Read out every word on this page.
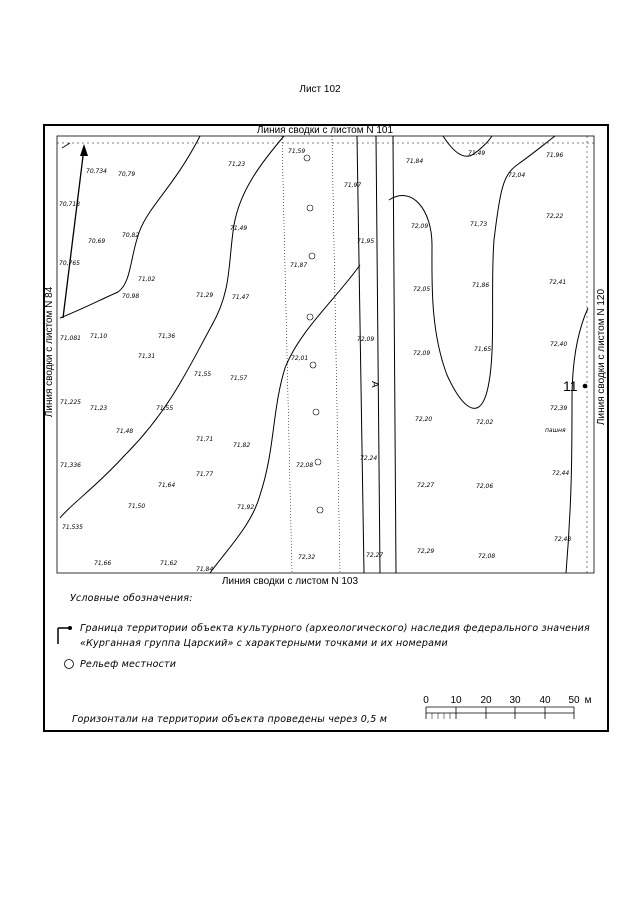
Лист 102
А	11
пашня
Линия сводки с листом N 101
Линия сводки с листом N 103
Линия сводки с листом N 84	Линия сводки с листом N 120
70,734 70,79
70,718
70,82
70,69
70,765
71,02
70,98
71,081 71,10	71,36
71,31
71,225
71,23	71,55
71,48
71,336
71,64
71,50
71,535
71,66	71,62
71,84
71,23
71,49
71,29	71,47
71,55
71,57
71,71
71,82
71,77
71,92
71,59
71,87
72,01
72,08
72,32
71,97
71,95
72,09
72,24
72,27
71,84
72,09
72,05
72,09
72,20
72,27
72,29
71,49
71,73
71,86
71,65
72,02
72,06
72,08
71,96
72,04
72,22
72,41
72,40
72,39
72,44
72,48
0 10 20 30 40 50 м
Условные обозначения:
Граница территории объекта культурного (археологического) наследия федерального значения
«Курганная группа Царский» с характерными точками и их номерами
Рельеф местности
Горизонтали на территории объекта проведены через 0,5 м
